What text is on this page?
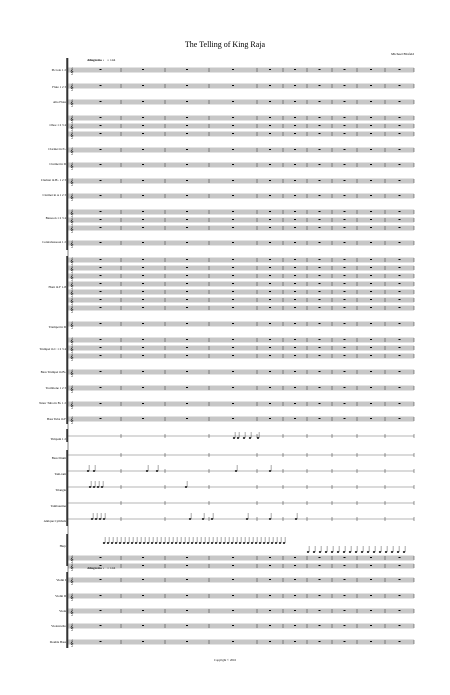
The Telling of King Raja
Michael Blofeld
Allegretto ♩ = 144
Allegretto ♩ = 144
Piccolo 1 2
Flute 1 2 3
Alto Flute
Oboe 1 2 3 4
Clarinet in E♭
Clarinet in D
Clarinet in B♭ 1 2 3
Clarinet in A 1 2 3
Bassoon 1 2 3 4
Contrabassoon 1 2
Horn in F 1-8
Trumpet in D
Trumpet in C 1 2 3 4
Bass Trumpet in B♭
Trombone 1 2 3
Tenor Tuba in B♭ 1 2
Bass Tuba in F
Timpani 1 2
Bass Drum
Tam-tam
Triangle
Tambourine
Antique Cymbals
Harp
Violin I
Violin II
Viola
Violoncello
Double Bass
𝄞
𝄞
𝄞
𝄞
𝄞
𝄞
𝄞
𝄞
𝄞
𝄞
𝄞
𝄞
𝄞
𝄞
𝄞
𝄞
𝄞
𝄞
𝄞
𝄞
𝄞
𝄞
𝄞
𝄞
𝄞
𝄞
𝄞
𝄞
𝄞
𝄞
𝄞
𝄞
𝄞
𝄞
𝄞
𝄞
Copyright © 2016
